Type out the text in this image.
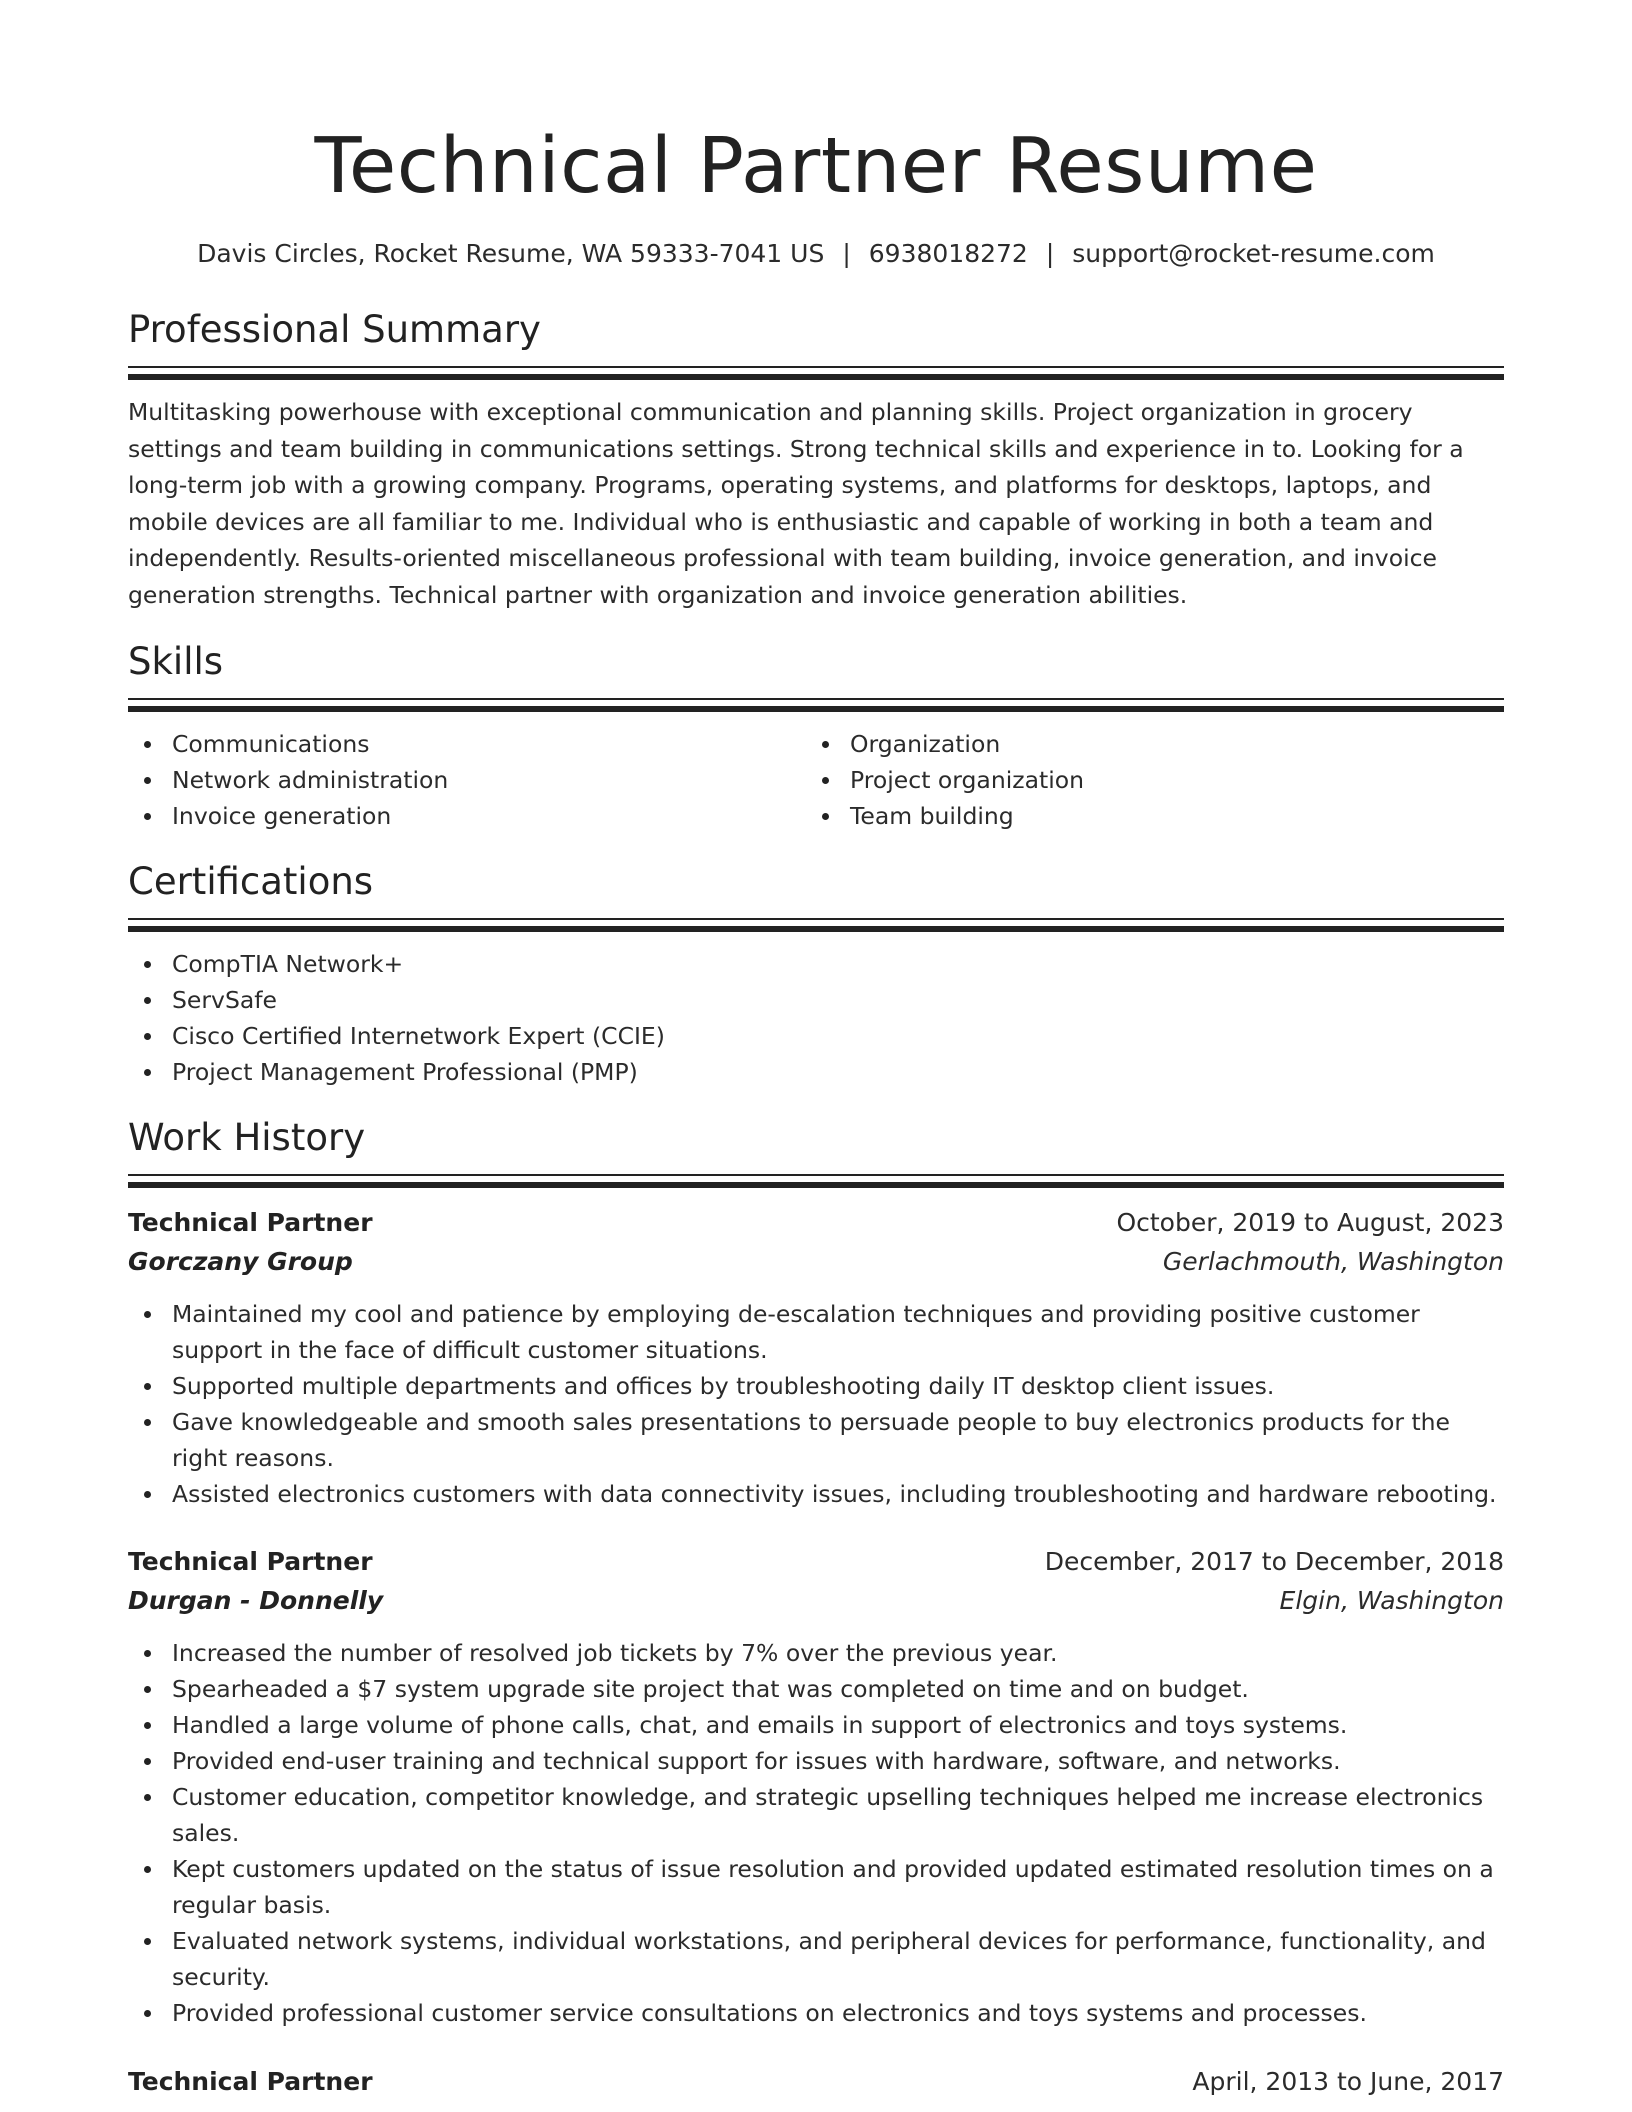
Technical Partner Resume
Davis Circles, Rocket Resume, WA 59333-7041 US | 6938018272 | support@rocket-resume.com
Professional Summary

Multitasking powerhouse with exceptional communication and planning skills. Project organization in grocery settings and team building in communications settings. Strong technical skills and experience in to. Looking for a long-term job with a growing company. Programs, operating systems, and platforms for desktops, laptops, and mobile devices are all familiar to me. Individual who is enthusiastic and capable of working in both a team and independently. Results-oriented miscellaneous professional with team building, invoice generation, and invoice generation strengths. Technical partner with organization and invoice generation abilities.

Skills
Communications
Network administration
Invoice generation
Organization
Project organization
Team building
Certifications
CompTIA Network+
ServSafe
Cisco Certified Internetwork Expert (CCIE)
Project Management Professional (PMP)
Work History
Technical Partner	October, 2019 to August, 2023
Gorczany Group	Gerlachmouth, Washington
Maintained my cool and patience by employing de-escalation techniques and providing positive customer support in the face of difficult customer situations.
Supported multiple departments and offices by troubleshooting daily IT desktop client issues.
Gave knowledgeable and smooth sales presentations to persuade people to buy electronics products for the right reasons.
Assisted electronics customers with data connectivity issues, including troubleshooting and hardware rebooting.
Technical Partner	December, 2017 to December, 2018
Durgan - Donnelly	Elgin, Washington
Increased the number of resolved job tickets by 7% over the previous year.
Spearheaded a $7 system upgrade site project that was completed on time and on budget.
Handled a large volume of phone calls, chat, and emails in support of electronics and toys systems.
Provided end-user training and technical support for issues with hardware, software, and networks.
Customer education, competitor knowledge, and strategic upselling techniques helped me increase electronics sales.
Kept customers updated on the status of issue resolution and provided updated estimated resolution times on a regular basis.
Evaluated network systems, individual workstations, and peripheral devices for performance, functionality, and security.
Provided professional customer service consultations on electronics and toys systems and processes.
Technical Partner	April, 2013 to June, 2017
